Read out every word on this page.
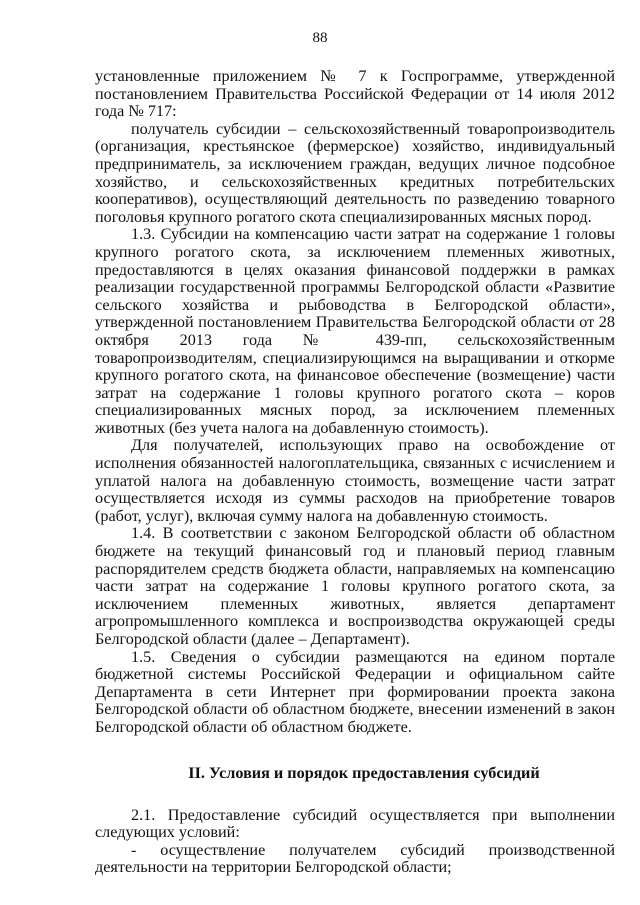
88

установленные приложением № 7 к Госпрограмме, утвержденной постановлением Правительства Российской Федерации от 14 июля 2012 года № 717:

получатель субсидии – сельскохозяйственный товаропроизводитель (организация, крестьянское (фермерское) хозяйство, индивидуальный предприниматель, за исключением граждан, ведущих личное подсобное хозяйство, и сельскохозяйственных кредитных потребительских кооперативов), осуществляющий деятельность по разведению товарного поголовья крупного рогатого скота специализированных мясных пород.

1.3. Субсидии на компенсацию части затрат на содержание 1 головы крупного рогатого скота, за исключением племенных животных, предоставляются в целях оказания финансовой поддержки в рамках реализации государственной программы Белгородской области «Развитие сельского хозяйства и рыбоводства в Белгородской области», утвержденной постановлением Правительства Белгородской области от 28 октября 2013 года № 439-пп, сельскохозяйственным товаропроизводителям, специализирующимся на выращивании и откорме крупного рогатого скота, на финансовое обеспечение (возмещение) части затрат на содержание 1 головы крупного рогатого скота – коров специализированных мясных пород, за исключением племенных животных (без учета налога на добавленную стоимость).

Для получателей, использующих право на освобождение от исполнения обязанностей налогоплательщика, связанных с исчислением и уплатой налога на добавленную стоимость, возмещение части затрат осуществляется исходя из суммы расходов на приобретение товаров (работ, услуг), включая сумму налога на добавленную стоимость.

1.4. В соответствии с законом Белгородской области об областном бюджете на текущий финансовый год и плановый период главным распорядителем средств бюджета области, направляемых на компенсацию части затрат на содержание 1 головы крупного рогатого скота, за исключением племенных животных, является департамент агропромышленного комплекса и воспроизводства окружающей среды Белгородской области (далее – Департамент).

1.5. Сведения о субсидии размещаются на едином портале бюджетной системы Российской Федерации и официальном сайте Департамента в сети Интернет при формировании проекта закона Белгородской области об областном бюджете, внесении изменений в закон Белгородской области об областном бюджете.

II. Условия и порядок предоставления субсидий

2.1. Предоставление субсидий осуществляется при выполнении следующих условий:

- осуществление получателем субсидий производственной деятельности на территории Белгородской области;
